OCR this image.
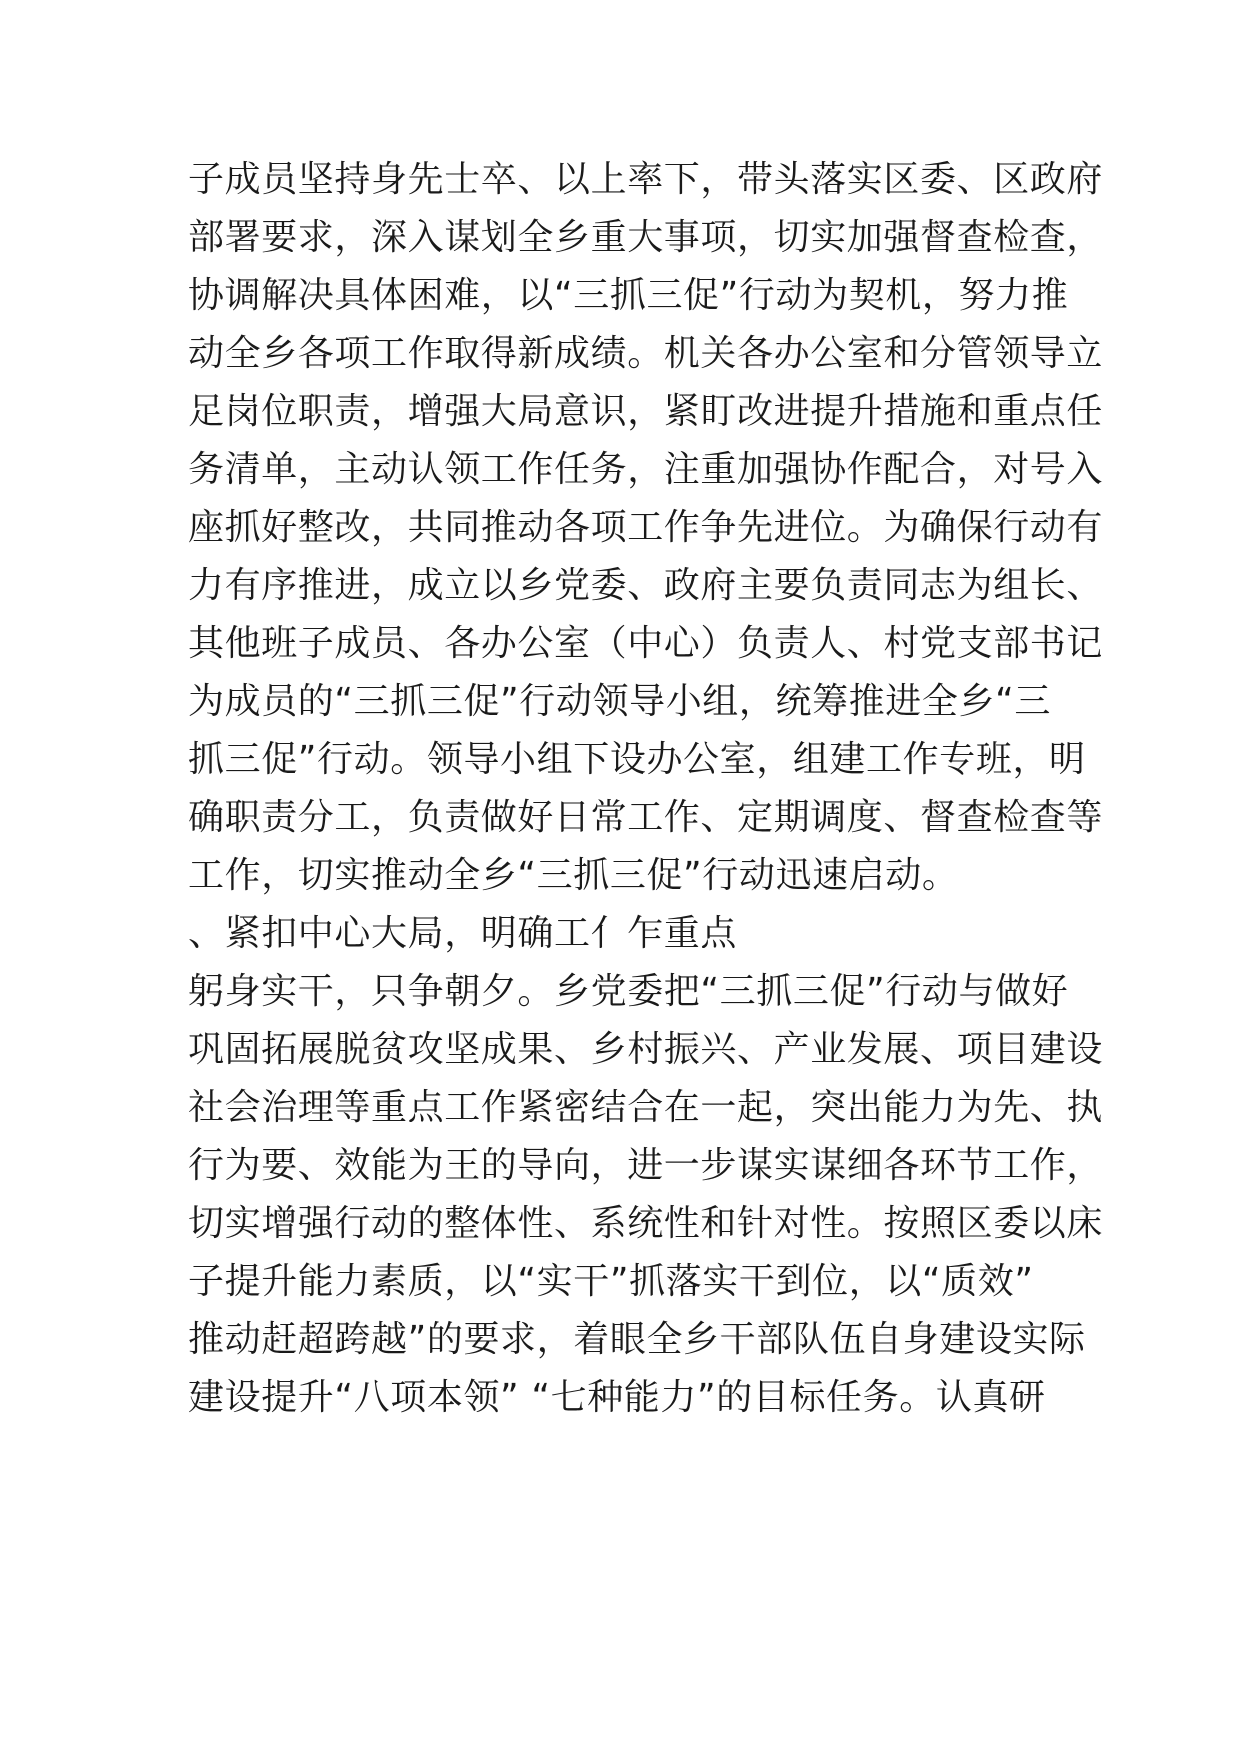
子成员坚持身先士卒、以上率下，带头落实区委、区政府
部署要求，深入谋划全乡重大事项，切实加强督查检查，
协调解决具体困难，以“三抓三促”行动为契机，努力推
动全乡各项工作取得新成绩。机关各办公室和分管领导立
足岗位职责，增强大局意识，紧盯改进提升措施和重点任
务清单，主动认领工作任务，注重加强协作配合，对号入
座抓好整改，共同推动各项工作争先进位。为确保行动有
力有序推进，成立以乡党委、政府主要负责同志为组长、
其他班子成员、各办公室（中心）负责人、村党支部书记
为成员的“三抓三促”行动领导小组，统筹推进全乡“三
抓三促”行动。领导小组下设办公室，组建工作专班，明
确职责分工，负责做好日常工作、定期调度、督查检查等
工作，切实推动全乡“三抓三促”行动迅速启动。
、紧扣中心大局，明确工亻乍重点
躬身实干，只争朝夕。乡党委把“三抓三促”行动与做好
巩固拓展脱贫攻坚成果、乡村振兴、产业发展、项目建设
社会治理等重点工作紧密结合在一起，突出能力为先、执
行为要、效能为王的导向，进一步谋实谋细各环节工作，
切实增强行动的整体性、系统性和针对性。按照区委以床
子提升能力素质，以“实干”抓落实干到位，以“质效”
推动赶超跨越”的要求，着眼全乡干部队伍自身建设实际
建设提升“八项本领” “七种能力”的目标任务。认真研
